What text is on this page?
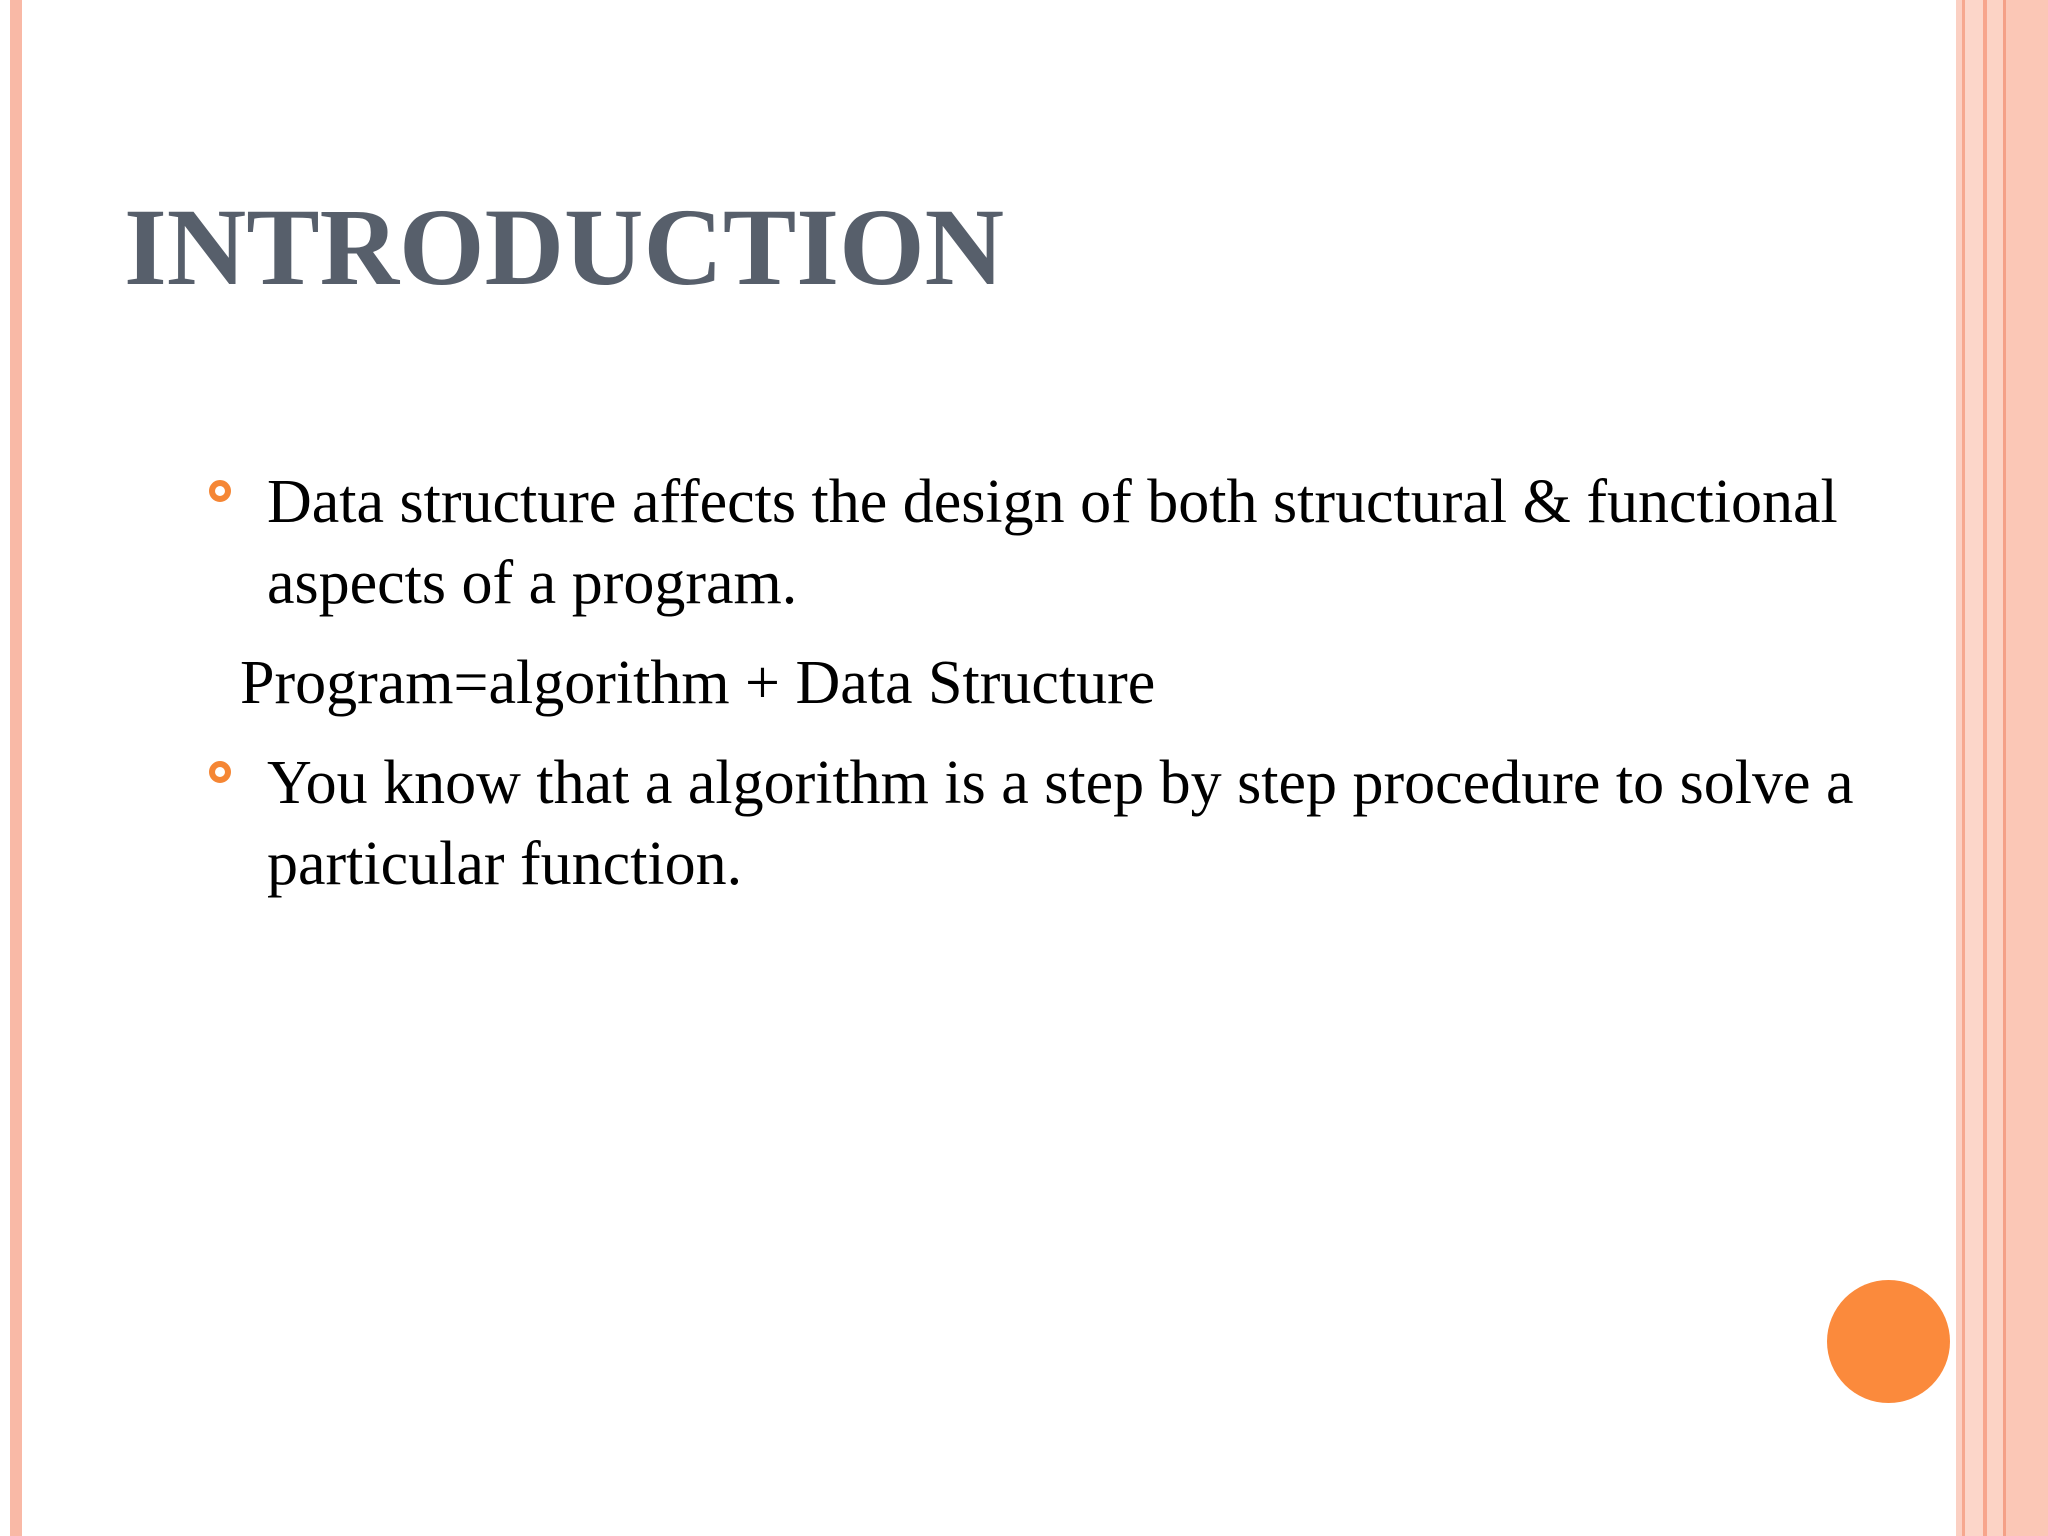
INTRODUCTION
Data structure affects the design of both structural & functional aspects of a program.
Program=algorithm + Data Structure
You know that a algorithm is a step by step procedure to solve a particular function.
